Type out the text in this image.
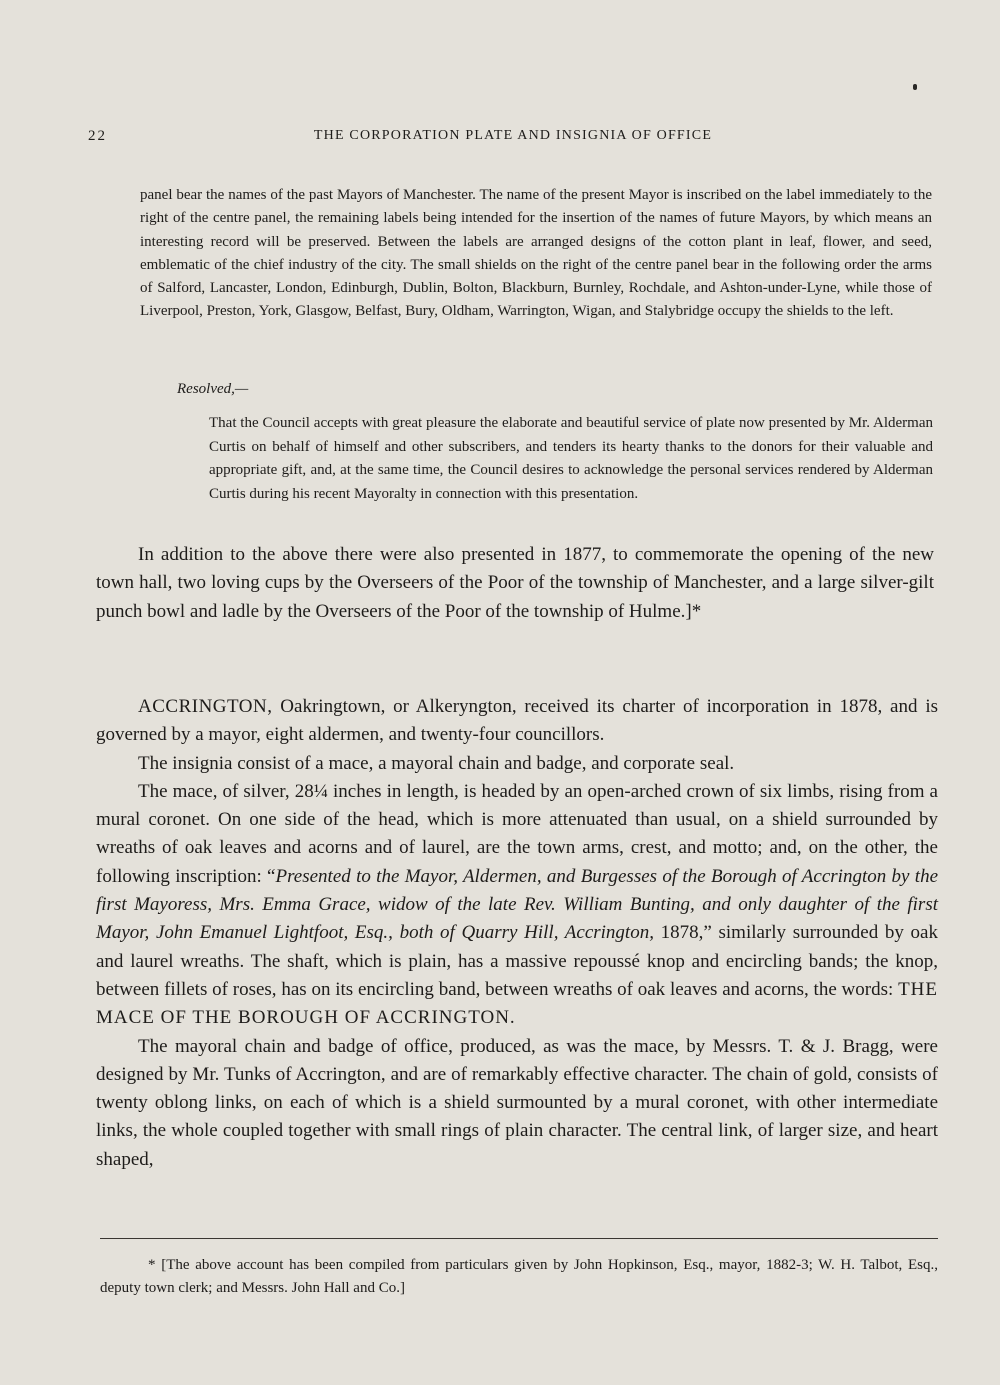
22	THE CORPORATION PLATE AND INSIGNIA OF OFFICE

panel bear the names of the past Mayors of Manchester. The name of the present Mayor is inscribed on the label immediately to the right of the centre panel, the remaining labels being intended for the insertion of the names of future Mayors, by which means an interesting record will be preserved. Between the labels are arranged designs of the cotton plant in leaf, flower, and seed, emblematic of the chief industry of the city. The small shields on the right of the centre panel bear in the following order the arms of Salford, Lancaster, London, Edinburgh, Dublin, Bolton, Blackburn, Burnley, Rochdale, and Ashton-under-Lyne, while those of Liverpool, Preston, York, Glasgow, Belfast, Bury, Oldham, Warrington, Wigan, and Stalybridge occupy the shields to the left.

Resolved,—

That the Council accepts with great pleasure the elaborate and beautiful service of plate now presented by Mr. Alderman Curtis on behalf of himself and other subscribers, and tenders its hearty thanks to the donors for their valuable and appropriate gift, and, at the same time, the Council desires to acknowledge the personal services rendered by Alderman Curtis during his recent Mayoralty in connection with this presentation.

In addition to the above there were also presented in 1877, to commemorate the opening of the new town hall, two loving cups by the Overseers of the Poor of the township of Manchester, and a large silver-gilt punch bowl and ladle by the Overseers of the Poor of the township of Hulme.]*

ACCRINGTON, Oakringtown, or Alkeryngton, received its charter of incorporation in 1878, and is governed by a mayor, eight aldermen, and twenty-four councillors.

The insignia consist of a mace, a mayoral chain and badge, and corporate seal.

The mace, of silver, 28¼ inches in length, is headed by an open-arched crown of six limbs, rising from a mural coronet. On one side of the head, which is more attenuated than usual, on a shield surrounded by wreaths of oak leaves and acorns and of laurel, are the town arms, crest, and motto; and, on the other, the following inscription: “Presented to the Mayor, Aldermen, and Burgesses of the Borough of Accrington by the first Mayoress, Mrs. Emma Grace, widow of the late Rev. William Bunting, and only daughter of the first Mayor, John Emanuel Lightfoot, Esq., both of Quarry Hill, Accrington, 1878,” similarly surrounded by oak and laurel wreaths. The shaft, which is plain, has a massive repoussé knop and encircling bands; the knop, between fillets of roses, has on its encircling band, between wreaths of oak leaves and acorns, the words: THE MACE OF THE BOROUGH OF ACCRINGTON.

The mayoral chain and badge of office, produced, as was the mace, by Messrs. T. & J. Bragg, were designed by Mr. Tunks of Accrington, and are of remarkably effective character. The chain of gold, consists of twenty oblong links, on each of which is a shield surmounted by a mural coronet, with other intermediate links, the whole coupled together with small rings of plain character. The central link, of larger size, and heart shaped,

* [The above account has been compiled from particulars given by John Hopkinson, Esq., mayor, 1882-3; W. H. Talbot, Esq., deputy town clerk; and Messrs. John Hall and Co.]
